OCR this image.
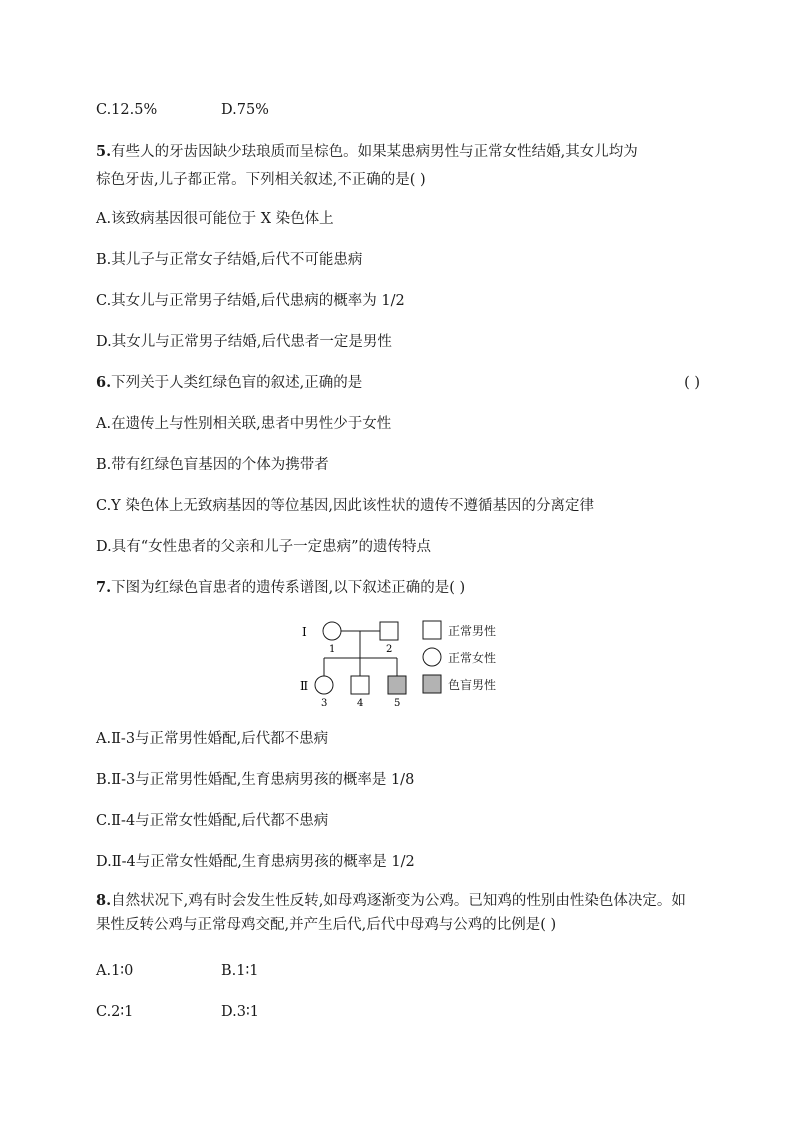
C.12.5%	D.75%
5.有些人的牙齿因缺少珐琅质而呈棕色。如果某患病男性与正常女性结婚,其女儿均为
棕色牙齿,儿子都正常。下列相关叙述,不正确的是( )
A.该致病基因很可能位于 X 染色体上
B.其儿子与正常女子结婚,后代不可能患病
C.其女儿与正常男子结婚,后代患病的概率为 1/2
D.其女儿与正常男子结婚,后代患者一定是男性
6.下列关于人类红绿色盲的叙述,正确的是	( )
A.在遗传上与性别相关联,患者中男性少于女性
B.带有红绿色盲基因的个体为携带者
C.Y 染色体上无致病基因的等位基因,因此该性状的遗传不遵循基因的分离定律
D.具有“女性患者的父亲和儿子一定患病”的遗传特点
7.下图为红绿色盲患者的遗传系谱图,以下叙述正确的是( )
Ⅰ
Ⅱ
1	2
3	4	5
正常男性
正常女性
色盲男性
A.Ⅱ-3与正常男性婚配,后代都不患病
B.Ⅱ-3与正常男性婚配,生育患病男孩的概率是 1/8
C.Ⅱ-4与正常女性婚配,后代都不患病
D.Ⅱ-4与正常女性婚配,生育患病男孩的概率是 1/2
8.自然状况下,鸡有时会发生性反转,如母鸡逐渐变为公鸡。已知鸡的性别由性染色体决定。如果性反转公鸡与正常母鸡交配,并产生后代,后代中母鸡与公鸡的比例是( )
A.1∶0	B.1∶1
C.2∶1	D.3∶1
